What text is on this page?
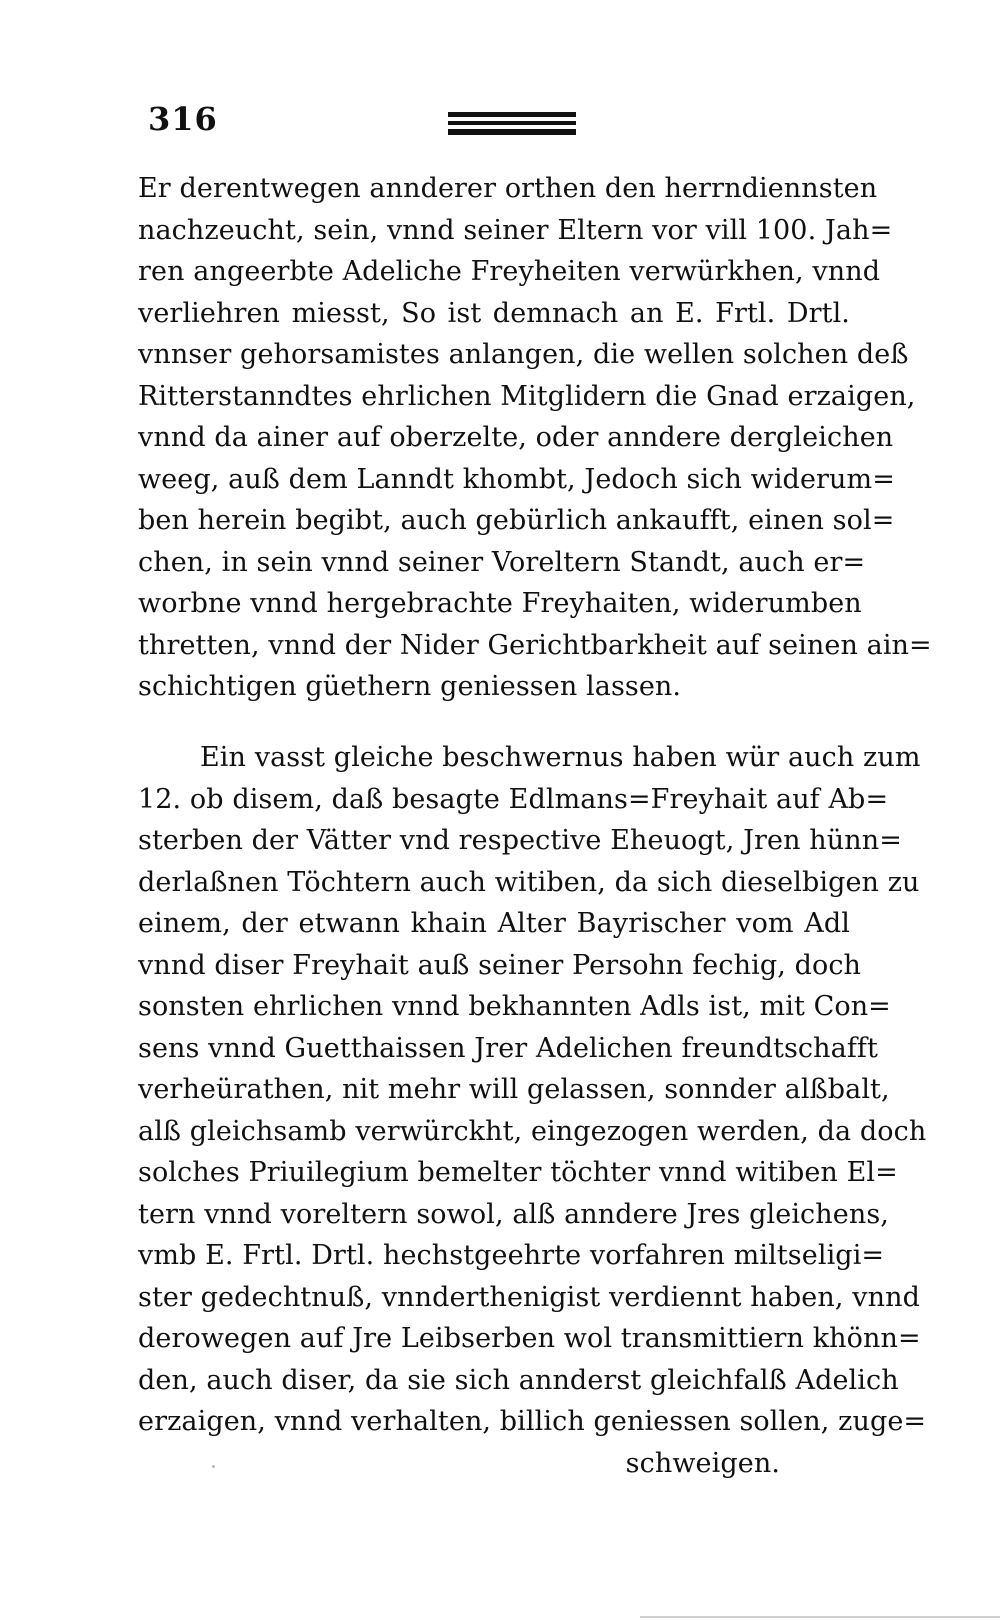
316
Er derentwegen annderer orthen den herrndiennsten
nachzeucht, sein, vnnd seiner Eltern vor vill 100. Jah=
ren angeerbte Adeliche Freyheiten verwürkhen, vnnd
verliehren miesst, So ist demnach an E. Frtl. Drtl.
vnnser gehorsamistes anlangen, die wellen solchen deß
Ritterstanndtes ehrlichen Mitglidern die Gnad erzaigen,
vnnd da ainer auf oberzelte, oder anndere dergleichen
weeg, auß dem Lanndt khombt, Jedoch sich widerum=
ben herein begibt, auch gebürlich ankaufft, einen sol=
chen, in sein vnnd seiner Voreltern Standt, auch er=
worbne vnnd hergebrachte Freyhaiten, widerumben
thretten, vnnd der Nider Gerichtbarkheit auf seinen ain=
schichtigen güethern geniessen lassen.
Ein vasst gleiche beschwernus haben wür auch zum
12. ob disem, daß besagte Edlmans=Freyhait auf Ab=
sterben der Vätter vnd respective Eheuogt, Jren hünn=
derlaßnen Töchtern auch witiben, da sich dieselbigen zu
einem, der etwann khain Alter Bayrischer vom Adl
vnnd diser Freyhait auß seiner Persohn fechig, doch
sonsten ehrlichen vnnd bekhannten Adls ist, mit Con=
sens vnnd Guetthaissen Jrer Adelichen freundtschafft
verheürathen, nit mehr will gelassen, sonnder alßbalt,
alß gleichsamb verwürckht, eingezogen werden, da doch
solches Priuilegium bemelter töchter vnnd witiben El=
tern vnnd voreltern sowol, alß anndere Jres gleichens,
vmb E. Frtl. Drtl. hechstgeehrte vorfahren miltseligi=
ster gedechtnuß, vnnderthenigist verdiennt haben, vnnd
derowegen auf Jre Leibserben wol transmittiern khönn=
den, auch diser, da sie sich annderst gleichfalß Adelich
erzaigen, vnnd verhalten, billich geniessen sollen, zuge=
schweigen.
